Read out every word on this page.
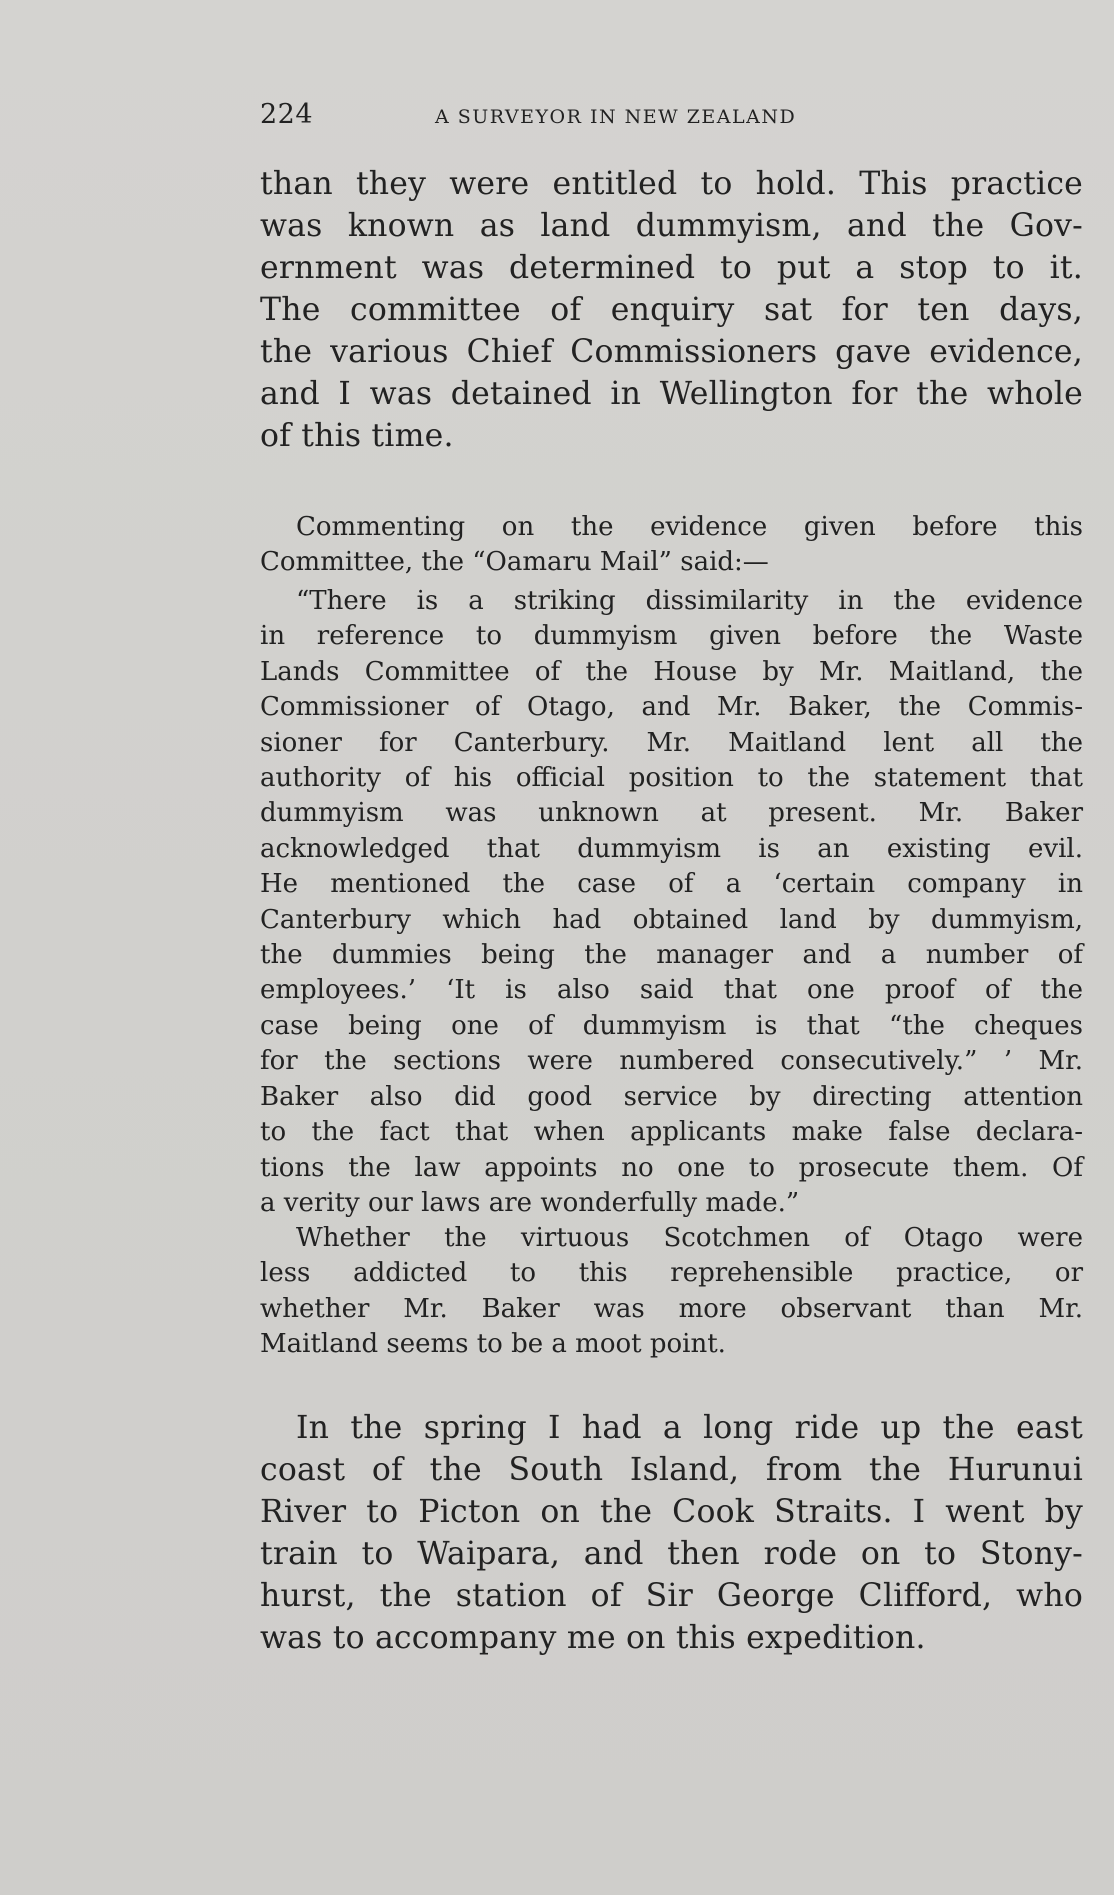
224	A SURVEYOR IN NEW ZEALAND
than they were entitled to hold. This practice
was known as land dummyism, and the Gov-
ernment was determined to put a stop to it.
The committee of enquiry sat for ten days,
the various Chief Commissioners gave evidence,
and I was detained in Wellington for the whole
of this time.
Commenting on the evidence given before this
Committee, the “Oamaru Mail” said:—
“There is a striking dissimilarity in the evidence
in reference to dummyism given before the Waste
Lands Committee of the House by Mr. Maitland, the
Commissioner of Otago, and Mr. Baker, the Commis-
sioner for Canterbury. Mr. Maitland lent all the
authority of his official position to the statement that
dummyism was unknown at present. Mr. Baker
acknowledged that dummyism is an existing evil.
He mentioned the case of a ‘certain company in
Canterbury which had obtained land by dummyism,
the dummies being the manager and a number of
employees.’ ‘It is also said that one proof of the
case being one of dummyism is that “the cheques
for the sections were numbered consecutively.” ’ Mr.
Baker also did good service by directing attention
to the fact that when applicants make false declara-
tions the law appoints no one to prosecute them. Of
a verity our laws are wonderfully made.”
Whether the virtuous Scotchmen of Otago were
less addicted to this reprehensible practice, or
whether Mr. Baker was more observant than Mr.
Maitland seems to be a moot point.
In the spring I had a long ride up the east
coast of the South Island, from the Hurunui
River to Picton on the Cook Straits. I went by
train to Waipara, and then rode on to Stony-
hurst, the station of Sir George Clifford, who
was to accompany me on this expedition.
